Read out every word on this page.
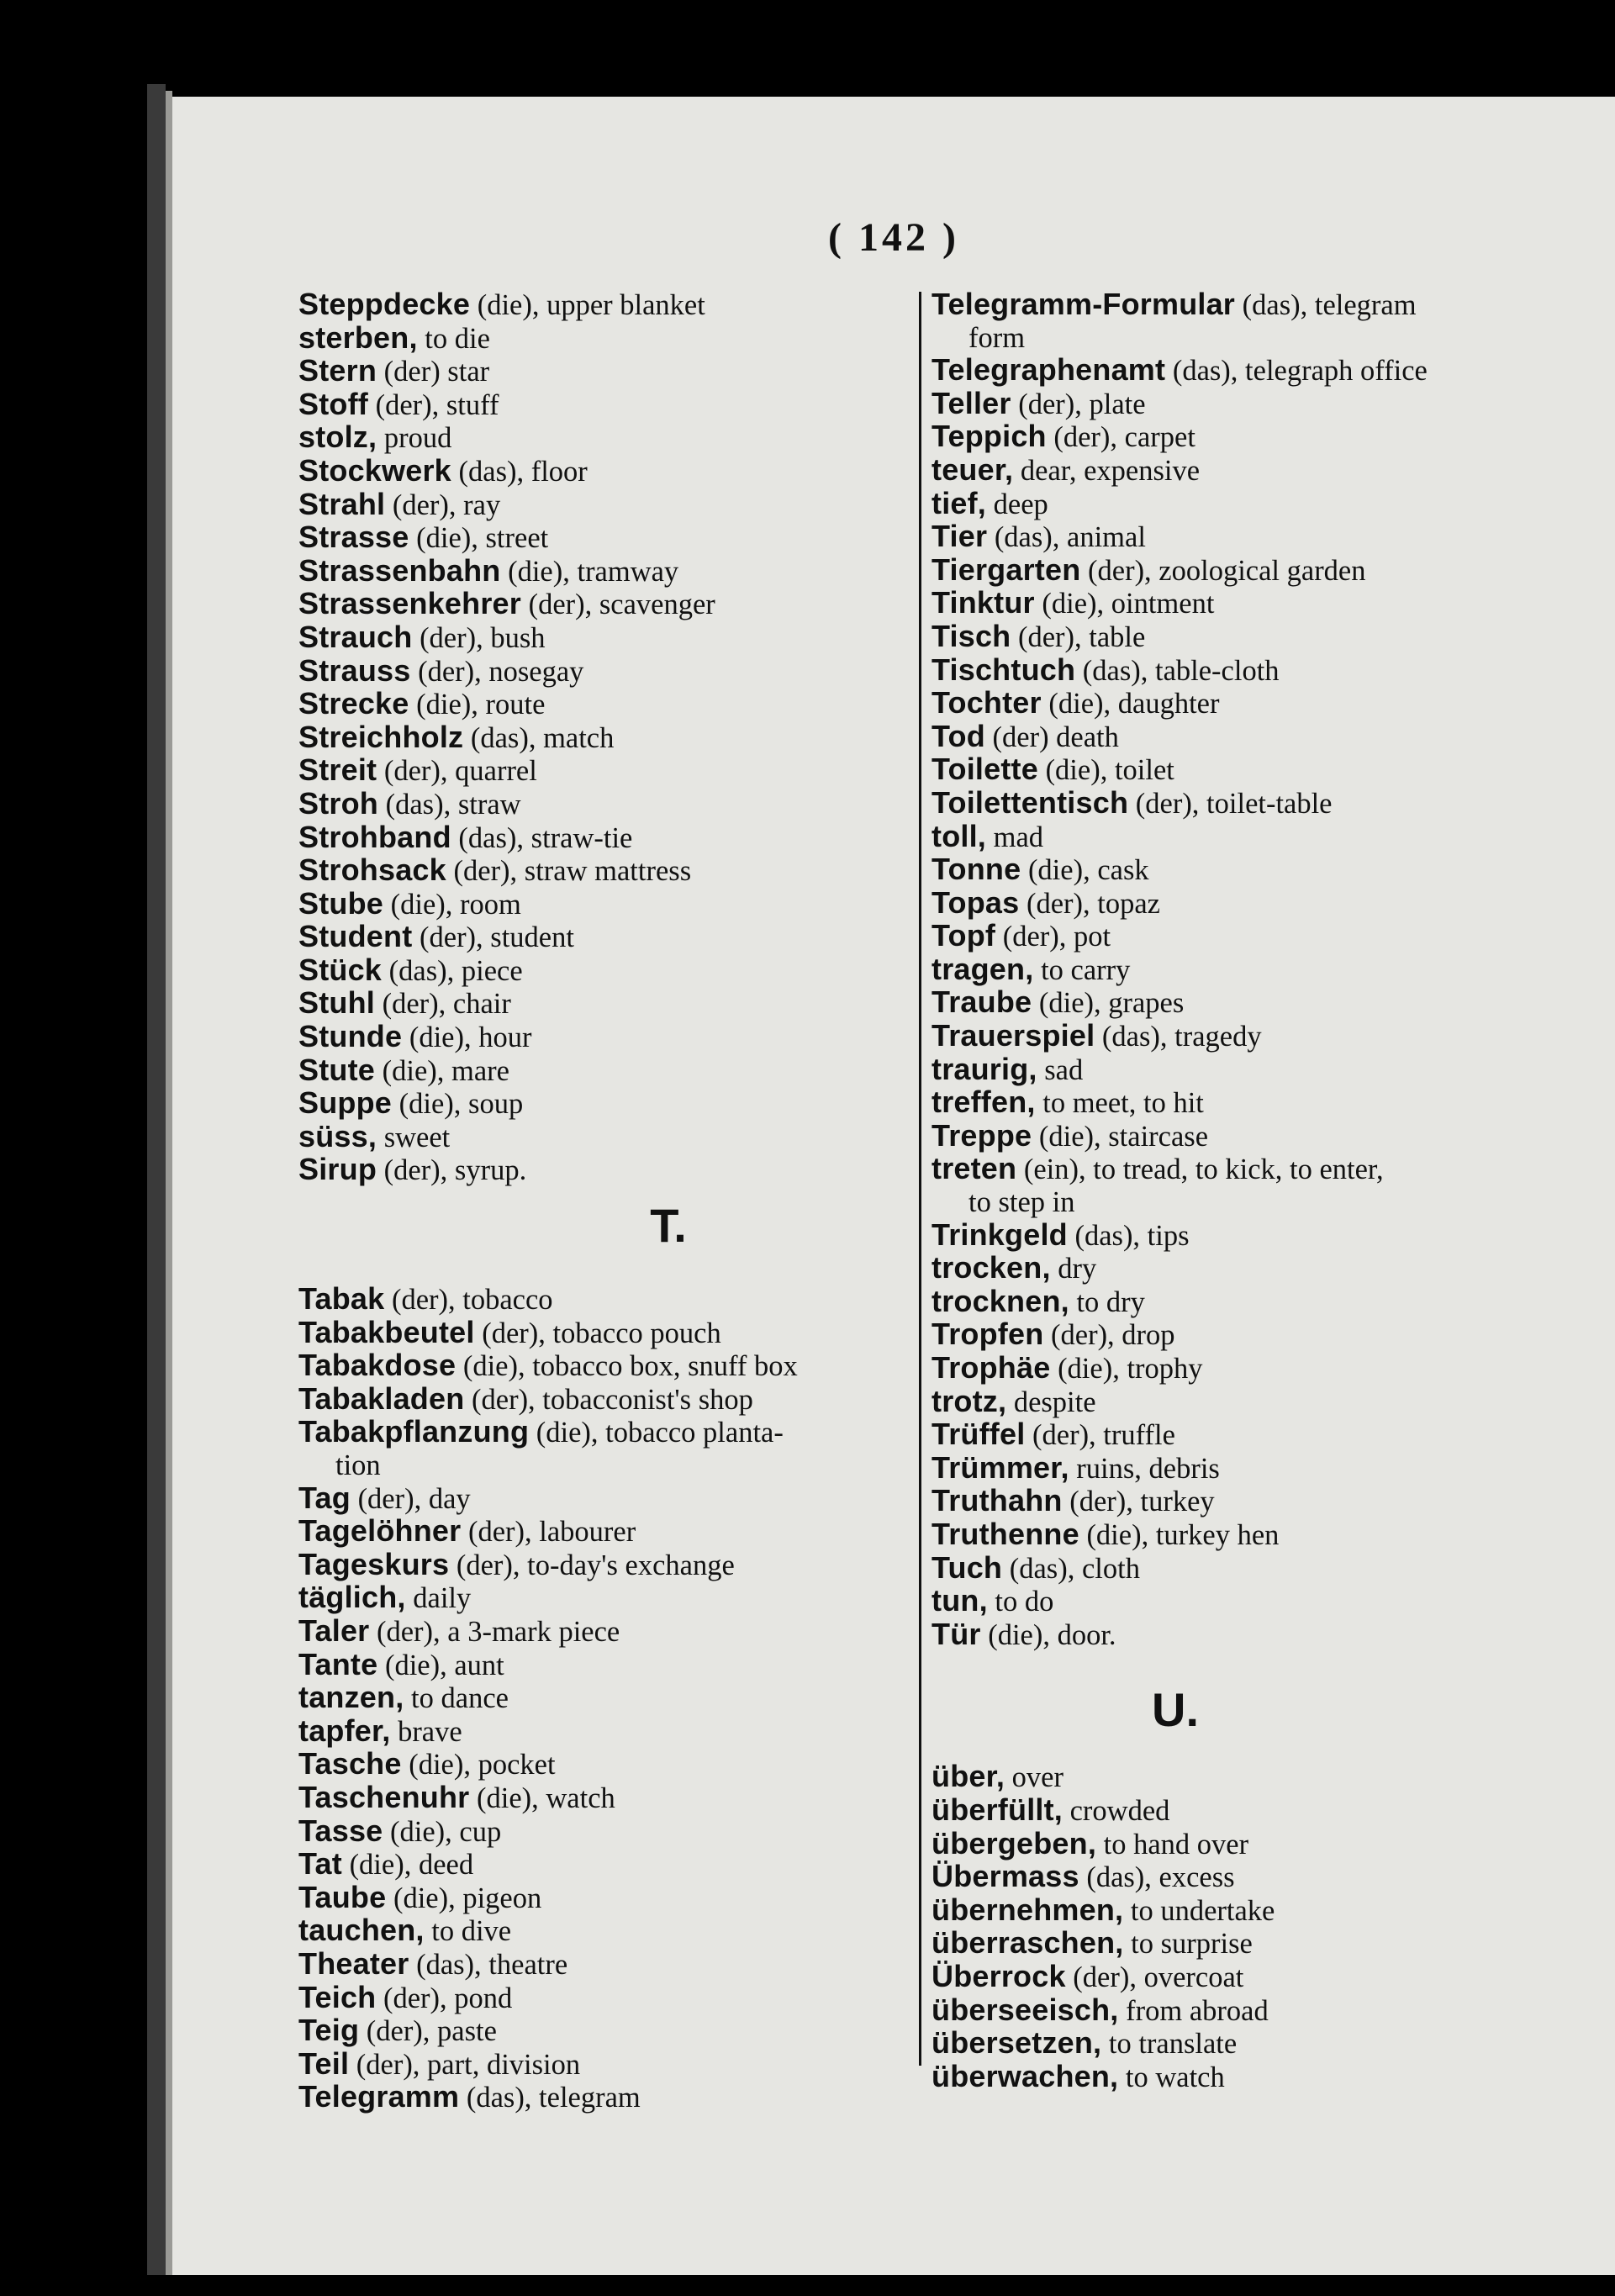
( 142 )
Steppdecke (die), upper blanket
sterben, to die
Stern (der) star
Stoff (der), stuff
stolz, proud
Stockwerk (das), floor
Strahl (der), ray
Strasse (die), street
Strassenbahn (die), tramway
Strassenkehrer (der), scavenger
Strauch (der), bush
Strauss (der), nosegay
Strecke (die), route
Streichholz (das), match
Streit (der), quarrel
Stroh (das), straw
Strohband (das), straw-tie
Strohsack (der), straw mattress
Stube (die), room
Student (der), student
Stück (das), piece
Stuhl (der), chair
Stunde (die), hour
Stute (die), mare
Suppe (die), soup
süss, sweet
Sirup (der), syrup.
T.
Tabak (der), tobacco
Tabakbeutel (der), tobacco pouch
Tabakdose (die), tobacco box, snuff box
Tabakladen (der), tobacconist's shop
Tabakpflanzung (die), tobacco planta-
tion
Tag (der), day
Tagelöhner (der), labourer
Tageskurs (der), to-day's exchange
täglich, daily
Taler (der), a 3-mark piece
Tante (die), aunt
tanzen, to dance
tapfer, brave
Tasche (die), pocket
Taschenuhr (die), watch
Tasse (die), cup
Tat (die), deed
Taube (die), pigeon
tauchen, to dive
Theater (das), theatre
Teich (der), pond
Teig (der), paste
Teil (der), part, division
Telegramm (das), telegram
Telegramm-Formular (das), telegram
form
Telegraphenamt (das), telegraph office
Teller (der), plate
Teppich (der), carpet
teuer, dear, expensive
tief, deep
Tier (das), animal
Tiergarten (der), zoological garden
Tinktur (die), ointment
Tisch (der), table
Tischtuch (das), table-cloth
Tochter (die), daughter
Tod (der) death
Toilette (die), toilet
Toilettentisch (der), toilet-table
toll, mad
Tonne (die), cask
Topas (der), topaz
Topf (der), pot
tragen, to carry
Traube (die), grapes
Trauerspiel (das), tragedy
traurig, sad
treffen, to meet, to hit
Treppe (die), staircase
treten (ein), to tread, to kick, to enter,
to step in
Trinkgeld (das), tips
trocken, dry
trocknen, to dry
Tropfen (der), drop
Trophäe (die), trophy
trotz, despite
Trüffel (der), truffle
Trümmer, ruins, debris
Truthahn (der), turkey
Truthenne (die), turkey hen
Tuch (das), cloth
tun, to do
Tür (die), door.
U.
über, over
überfüllt, crowded
übergeben, to hand over
Übermass (das), excess
übernehmen, to undertake
überraschen, to surprise
Überrock (der), overcoat
überseeisch, from abroad
übersetzen, to translate
überwachen, to watch
